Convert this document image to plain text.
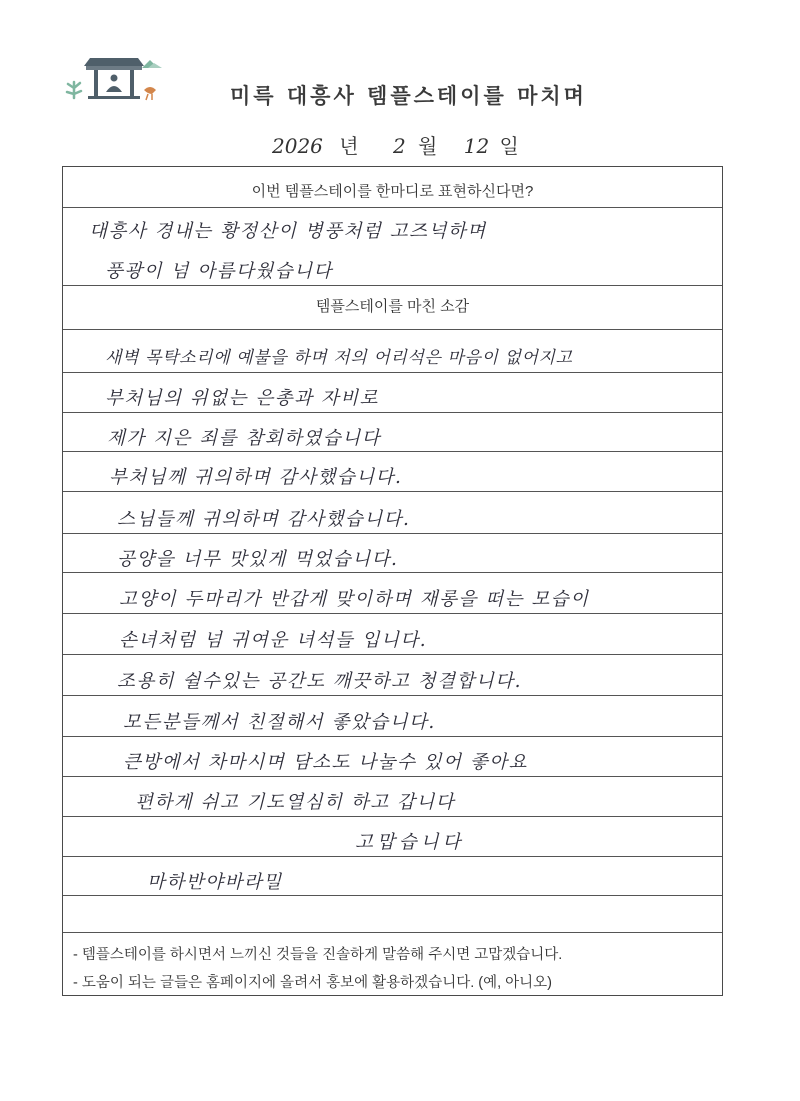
미륵 대흥사 템플스테이를 마치며
2026 년 2 월 12 일
이번 템플스테이를 한마디로 표현하신다면?
대흥사 경내는 황정산이 병풍처럼 고즈넉하며
풍광이 넘 아름다웠습니다
템플스테이를 마친 소감
새벽 목탁소리에 예불을 하며 저의 어리석은 마음이 없어지고
부처님의 위없는 은총과 자비로
제가 지은 죄를 참회하였습니다
부처님께 귀의하며 감사했습니다.
스님들께 귀의하며 감사했습니다.
공양을 너무 맛있게 먹었습니다.
고양이 두마리가 반갑게 맞이하며 재롱을 떠는 모습이
손녀처럼 넘 귀여운 녀석들 입니다.
조용히 쉴수있는 공간도 깨끗하고 청결합니다.
모든분들께서 친절해서 좋았습니다.
큰방에서 차마시며 담소도 나눌수 있어 좋아요
편하게 쉬고 기도열심히 하고 갑니다
고맙습니다
마하반야바라밀
- 템플스테이를 하시면서 느끼신 것들을 진솔하게 말씀해 주시면 고맙겠습니다.
- 도움이 되는 글들은 홈페이지에 올려서 홍보에 활용하겠습니다. (예, 아니오)
